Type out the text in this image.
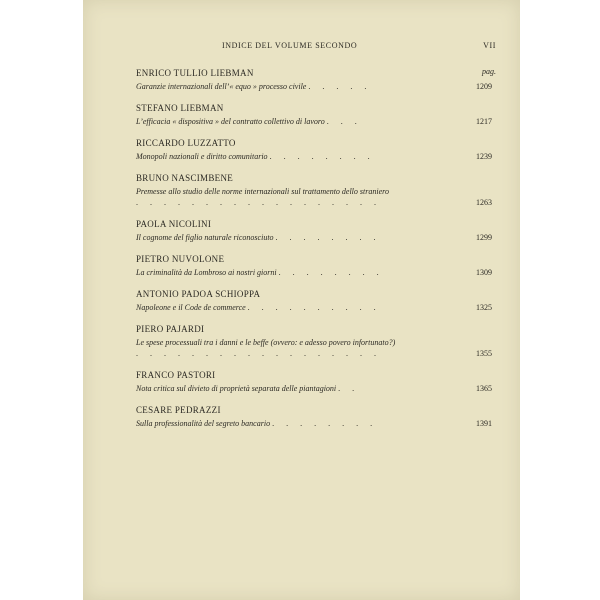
INDICE DEL VOLUME SECONDO	VII
pag.
ENRICO TULLIO LIEBMAN
Garanzie internazionali dell’« equo » processo civile . . . . .	1209
STEFANO LIEBMAN
L’efficacia « dispositiva » del contratto collettivo di lavoro . . .	1217
RICCARDO LUZZATTO
Monopoli nazionali e diritto comunitario . . . . . . . .	1239
BRUNO NASCIMBENE
Premesse allo studio delle norme internazionali sul trattamento dello straniero . . . . . . . . . . . . . . . . . .	1263
PAOLA NICOLINI
Il cognome del figlio naturale riconosciuto . . . . . . . .	1299
PIETRO NUVOLONE
La criminalità da Lombroso ai nostri giorni . . . . . . . .	1309
ANTONIO PADOA SCHIOPPA
Napoleone e il Code de commerce . . . . . . . . . .	1325
PIERO PAJARDI
Le spese processuali tra i danni e le beffe (ovvero: e adesso povero infortunato?) . . . . . . . . . . . . . . . . . .	1355
FRANCO PASTORI
Nota critica sul divieto di proprietà separata delle piantagioni . .	1365
CESARE PEDRAZZI
Sulla professionalità del segreto bancario . . . . . . . .	1391
